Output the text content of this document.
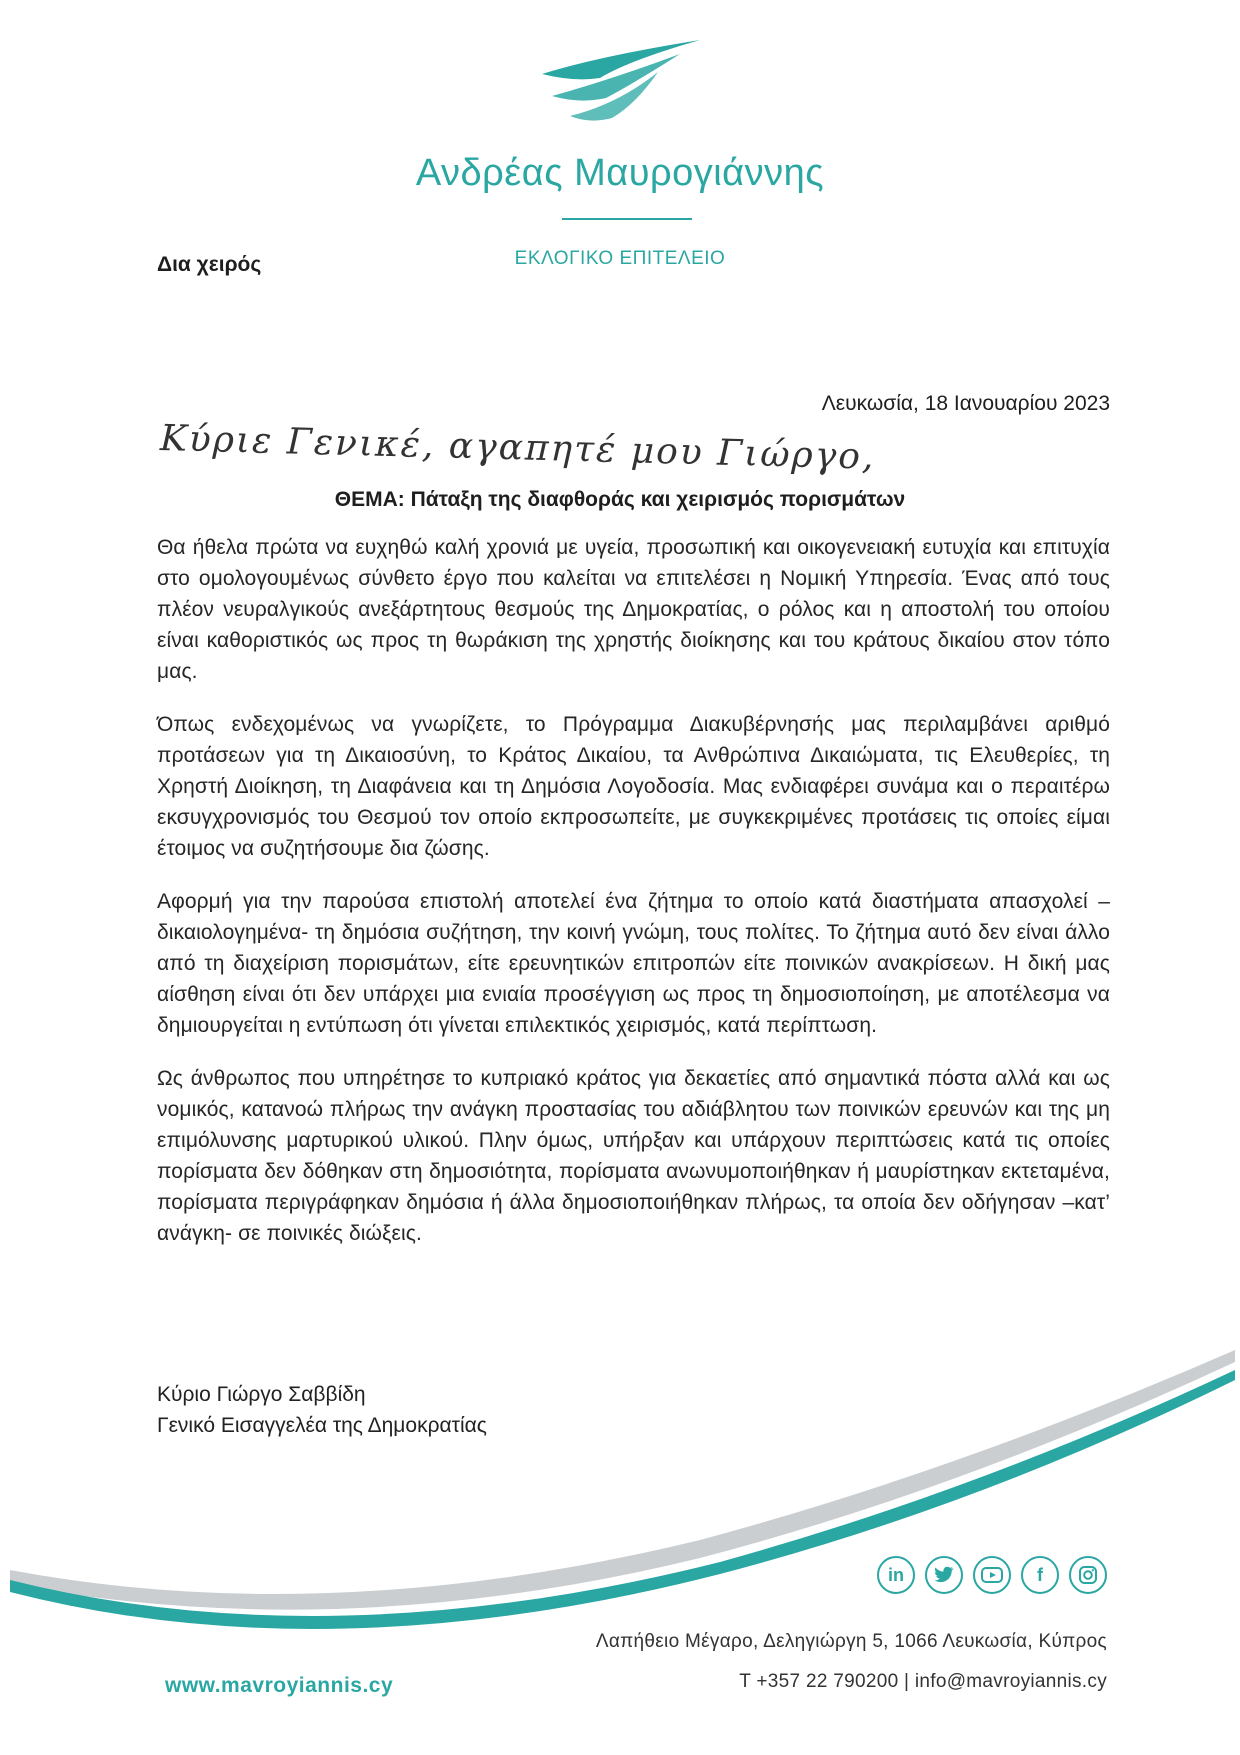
Ανδρέας Μαυρογιάννης
ΕΚΛΟΓΙΚΟ ΕΠΙΤΕΛΕΙΟ
Δια χειρός
Λευκωσία, 18 Ιανουαρίου 2023
Κύριε Γενικέ, αγαπητέ μου Γιώργο,
ΘΕΜΑ: Πάταξη της διαφθοράς και χειρισμός πορισμάτων

Θα ήθελα πρώτα να ευχηθώ καλή χρονιά με υγεία, προσωπική και οικογενειακή ευτυχία και επιτυχία στο ομολογουμένως σύνθετο έργο που καλείται να επιτελέσει η Νομική Υπηρεσία. Ένας από τους πλέον νευραλγικούς ανεξάρτητους θεσμούς της Δημοκρατίας, ο ρόλος και η αποστολή του οποίου είναι καθοριστικός ως προς τη θωράκιση της χρηστής διοίκησης και του κράτους δικαίου στον τόπο μας.

Όπως ενδεχομένως να γνωρίζετε, το Πρόγραμμα Διακυβέρνησής μας περιλαμβάνει αριθμό προτάσεων για τη Δικαιοσύνη, το Κράτος Δικαίου, τα Ανθρώπινα Δικαιώματα, τις Ελευθερίες, τη Χρηστή Διοίκηση, τη Διαφάνεια και τη Δημόσια Λογοδοσία. Μας ενδιαφέρει συνάμα και ο περαιτέρω εκσυγχρονισμός του Θεσμού τον οποίο εκπροσωπείτε, με συγκεκριμένες προτάσεις τις οποίες είμαι έτοιμος να συζητήσουμε δια ζώσης.

Αφορμή για την παρούσα επιστολή αποτελεί ένα ζήτημα το οποίο κατά διαστήματα απασχολεί –δικαιολογημένα- τη δημόσια συζήτηση, την κοινή γνώμη, τους πολίτες. Το ζήτημα αυτό δεν είναι άλλο από τη διαχείριση πορισμάτων, είτε ερευνητικών επιτροπών είτε ποινικών ανακρίσεων. Η δική μας αίσθηση είναι ότι δεν υπάρχει μια ενιαία προσέγγιση ως προς τη δημοσιοποίηση, με αποτέλεσμα να δημιουργείται η εντύπωση ότι γίνεται επιλεκτικός χειρισμός, κατά περίπτωση.

Ως άνθρωπος που υπηρέτησε το κυπριακό κράτος για δεκαετίες από σημαντικά πόστα αλλά και ως νομικός, κατανοώ πλήρως την ανάγκη προστασίας του αδιάβλητου των ποινικών ερευνών και της μη επιμόλυνσης μαρτυρικού υλικού. Πλην όμως, υπήρξαν και υπάρχουν περιπτώσεις κατά τις οποίες πορίσματα δεν δόθηκαν στη δημοσιότητα, πορίσματα ανωνυμοποιήθηκαν ή μαυρίστηκαν εκτεταμένα, πορίσματα περιγράφηκαν δημόσια ή άλλα δημοσιοποιήθηκαν πλήρως, τα οποία δεν οδήγησαν –κατ’ ανάγκη- σε ποινικές διώξεις.

Κύριο Γιώργο Σαββίδη
Γενικό Εισαγγελέα της Δημοκρατίας
in	f
Λαπήθειο Μέγαρο, Δεληγιώργη 5, 1066 Λευκωσία, Κύπρος
T +357 22 790200 | info@mavroyiannis.cy
www.mavroyiannis.cy
